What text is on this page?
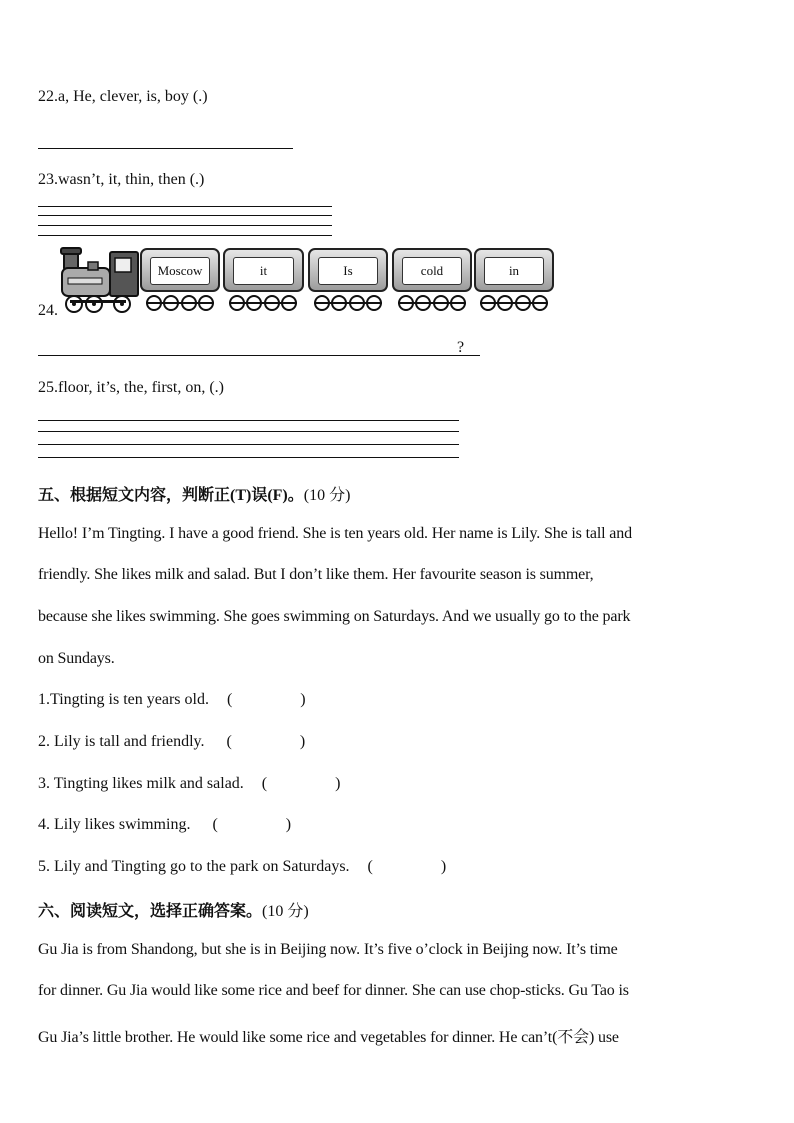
22.a, He, clever, is, boy (.)
23.wasn’t, it, thin, then (.)
24.
Moscow	it	Is	cold	in
?
25.floor, it’s, the, first, on, (.)
五、根据短文内容，判断正(T)误(F)。(10 分)
Hello! I’m Tingting. I have a good friend. She is ten years old. Her name is Lily. She is tall and
friendly. She likes milk and salad. But I don’t like them. Her favourite season is summer,
because she likes swimming. She goes swimming on Saturdays. And we usually go to the park
on Sundays.
1.Tingting is ten years old. (                 )
2. Lily is tall and friendly. (                 )
3. Tingting likes milk and salad. (                 )
4. Lily likes swimming. (                 )
5. Lily and Tingting go to the park on Saturdays. (                 )
六、阅读短文，选择正确答案。(10 分)
Gu Jia is from Shandong, but she is in Beijing now. It’s five o’clock in Beijing now. It’s time
for dinner. Gu Jia would like some rice and beef for dinner. She can use chop-sticks. Gu Tao is
Gu Jia’s little brother. He would like some rice and vegetables for dinner. He can’t(不会) use
